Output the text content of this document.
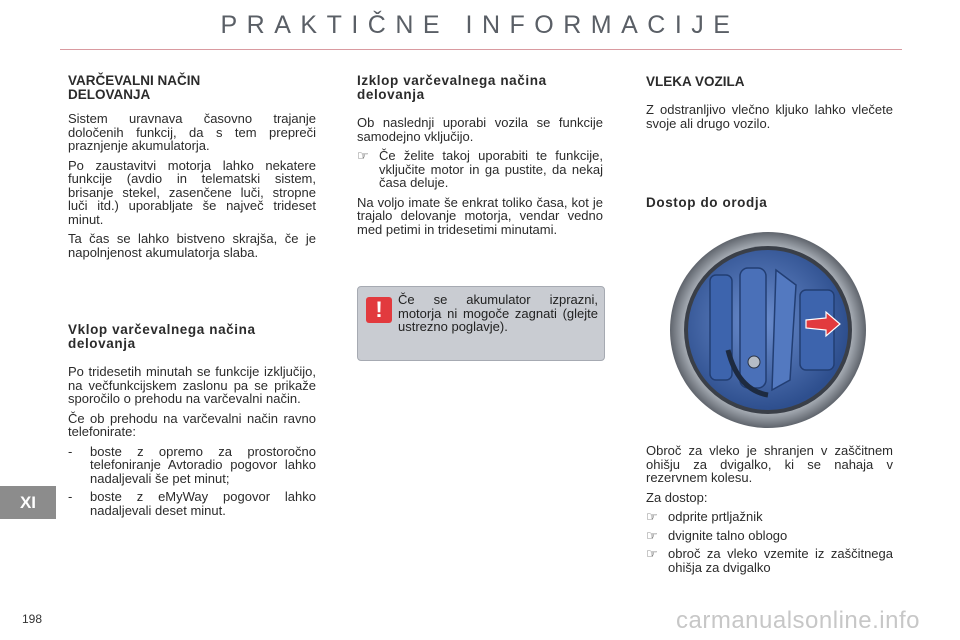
PRAKTIČNE INFORMACIJE
VARČEVALNI NAČIN DELOVANJA

Sistem uravnava časovno trajanje določenih funkcij, da s tem prepreči praznjenje akumulatorja.

Po zaustavitvi motorja lahko nekatere funkcije (avdio in telematski sistem, brisanje stekel, zasenčene luči, stropne luči itd.) uporabljate še največ trideset minut.

Ta čas se lahko bistveno skrajša, če je napolnjenost akumulatorja slaba.

Vklop varčevalnega načina delovanja

Po tridesetih minutah se funkcije izključijo, na večfunkcijskem zaslonu pa se prikaže sporočilo o prehodu na varčevalni način.

Če ob prehodu na varčevalni način ravno telefonirate:

-	boste z opremo za prostoročno telefoniranje Avtoradio pogovor lahko nadaljevali še pet minut;
-	boste z eMyWay pogovor lahko nadaljevali deset minut.
Izklop varčevalnega načina delovanja

Ob naslednji uporabi vozila se funkcije samodejno vključijo.

☞ Če želite takoj uporabiti te funkcije, vključite motor in ga pustite, da nekaj časa deluje.

Na voljo imate še enkrat toliko časa, kot je trajalo delovanje motorja, vendar vedno med petimi in tridesetimi minutami.

!	Če se akumulator izprazni, motorja ni mogoče zagnati (glejte ustrezno poglavje).
VLEKA VOZILA

Z odstranljivo vlečno kljuko lahko vlečete svoje ali drugo vozilo.

Dostop do orodja

Obroč za vleko je shranjen v zaščitnem ohišju za dvigalko, ki se nahaja v rezervnem kolesu.

Za dostop:

☞ odprite prtljažnik
☞ dvignite talno oblogo
☞ obroč za vleko vzemite iz zaščitnega ohišja za dvigalko
XI
198	carmanualsonline.info
